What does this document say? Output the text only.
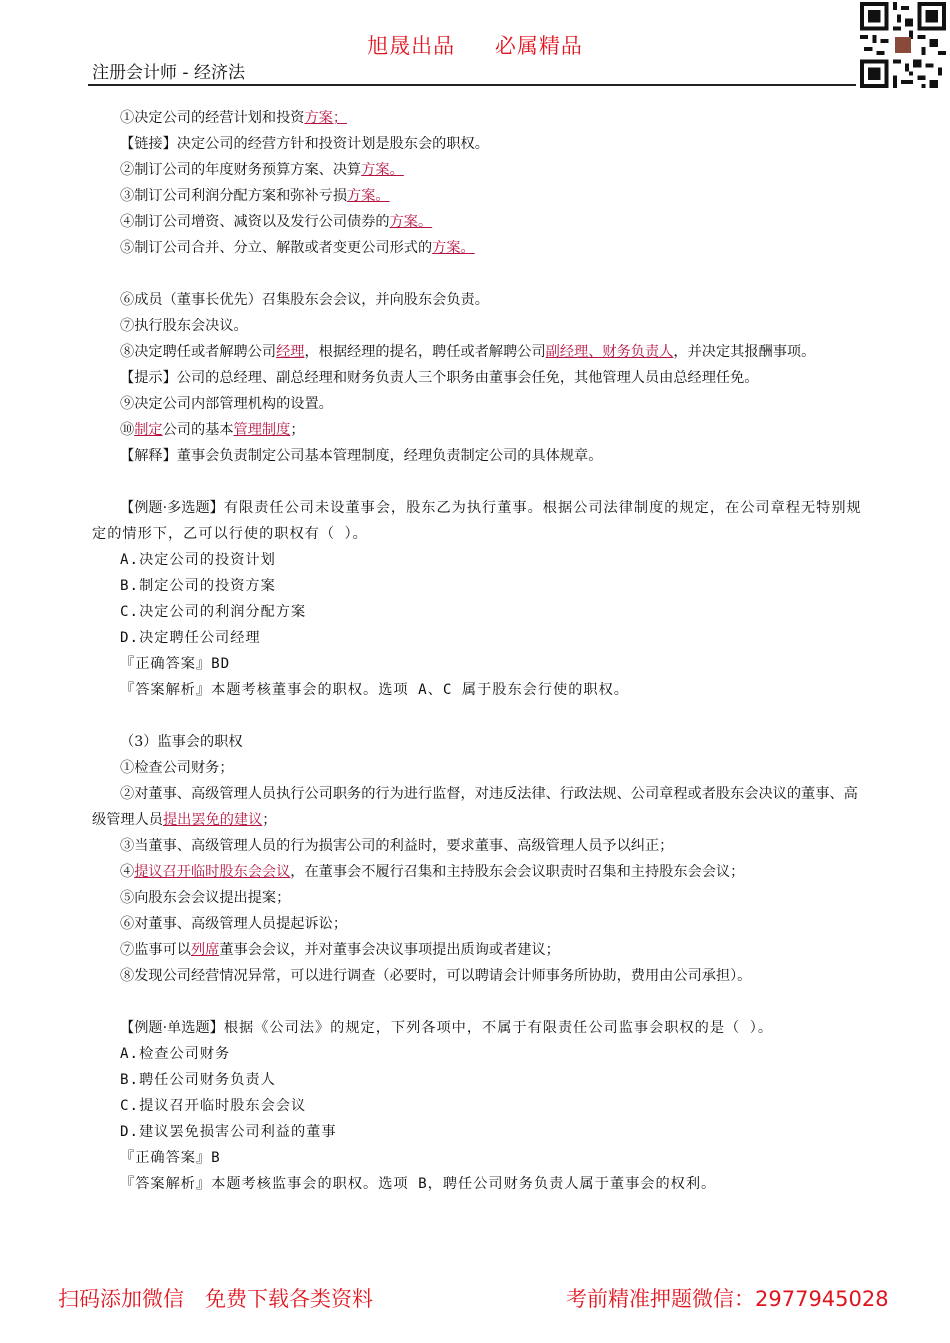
旭晟出品 必属精品
注册会计师 - 经济法

①决定公司的经营计划和投资方案；

【链接】决定公司的经营方针和投资计划是股东会的职权。

②制订公司的年度财务预算方案、决算方案。

③制订公司利润分配方案和弥补亏损方案。

④制订公司增资、减资以及发行公司债券的方案。

⑤制订公司合并、分立、解散或者变更公司形式的方案。

⑥成员（董事长优先）召集股东会会议，并向股东会负责。

⑦执行股东会决议。

⑧决定聘任或者解聘公司经理，根据经理的提名，聘任或者解聘公司副经理、财务负责人，并决定其报酬事项。

【提示】公司的总经理、副总经理和财务负责人三个职务由董事会任免，其他管理人员由总经理任免。

⑨决定公司内部管理机构的设置。

⑩制定公司的基本管理制度；

【解释】董事会负责制定公司基本管理制度，经理负责制定公司的具体规章。

【例题·多选题】有限责任公司未设董事会，股东乙为执行董事。根据公司法律制度的规定，在公司章程无特别规定的情形下，乙可以行使的职权有（ ）。

A.决定公司的投资计划

B.制定公司的投资方案

C.决定公司的利润分配方案

D.决定聘任公司经理

『正确答案』BD

『答案解析』本题考核董事会的职权。选项 A、C 属于股东会行使的职权。

（3）监事会的职权

①检查公司财务；

②对董事、高级管理人员执行公司职务的行为进行监督，对违反法律、行政法规、公司章程或者股东会决议的董事、高级管理人员提出罢免的建议；

③当董事、高级管理人员的行为损害公司的利益时，要求董事、高级管理人员予以纠正；

④提议召开临时股东会会议，在董事会不履行召集和主持股东会会议职责时召集和主持股东会会议；

⑤向股东会会议提出提案；

⑥对董事、高级管理人员提起诉讼；

⑦监事可以列席董事会会议，并对董事会决议事项提出质询或者建议；

⑧发现公司经营情况异常，可以进行调查（必要时，可以聘请会计师事务所协助，费用由公司承担）。

【例题·单选题】根据《公司法》的规定，下列各项中，不属于有限责任公司监事会职权的是（ ）。

A.检查公司财务

B.聘任公司财务负责人

C.提议召开临时股东会会议

D.建议罢免损害公司利益的董事

『正确答案』B

『答案解析』本题考核监事会的职权。选项 B，聘任公司财务负责人属于董事会的权利。

扫码添加微信　免费下载各类资料	考前精准押题微信：2977945028
